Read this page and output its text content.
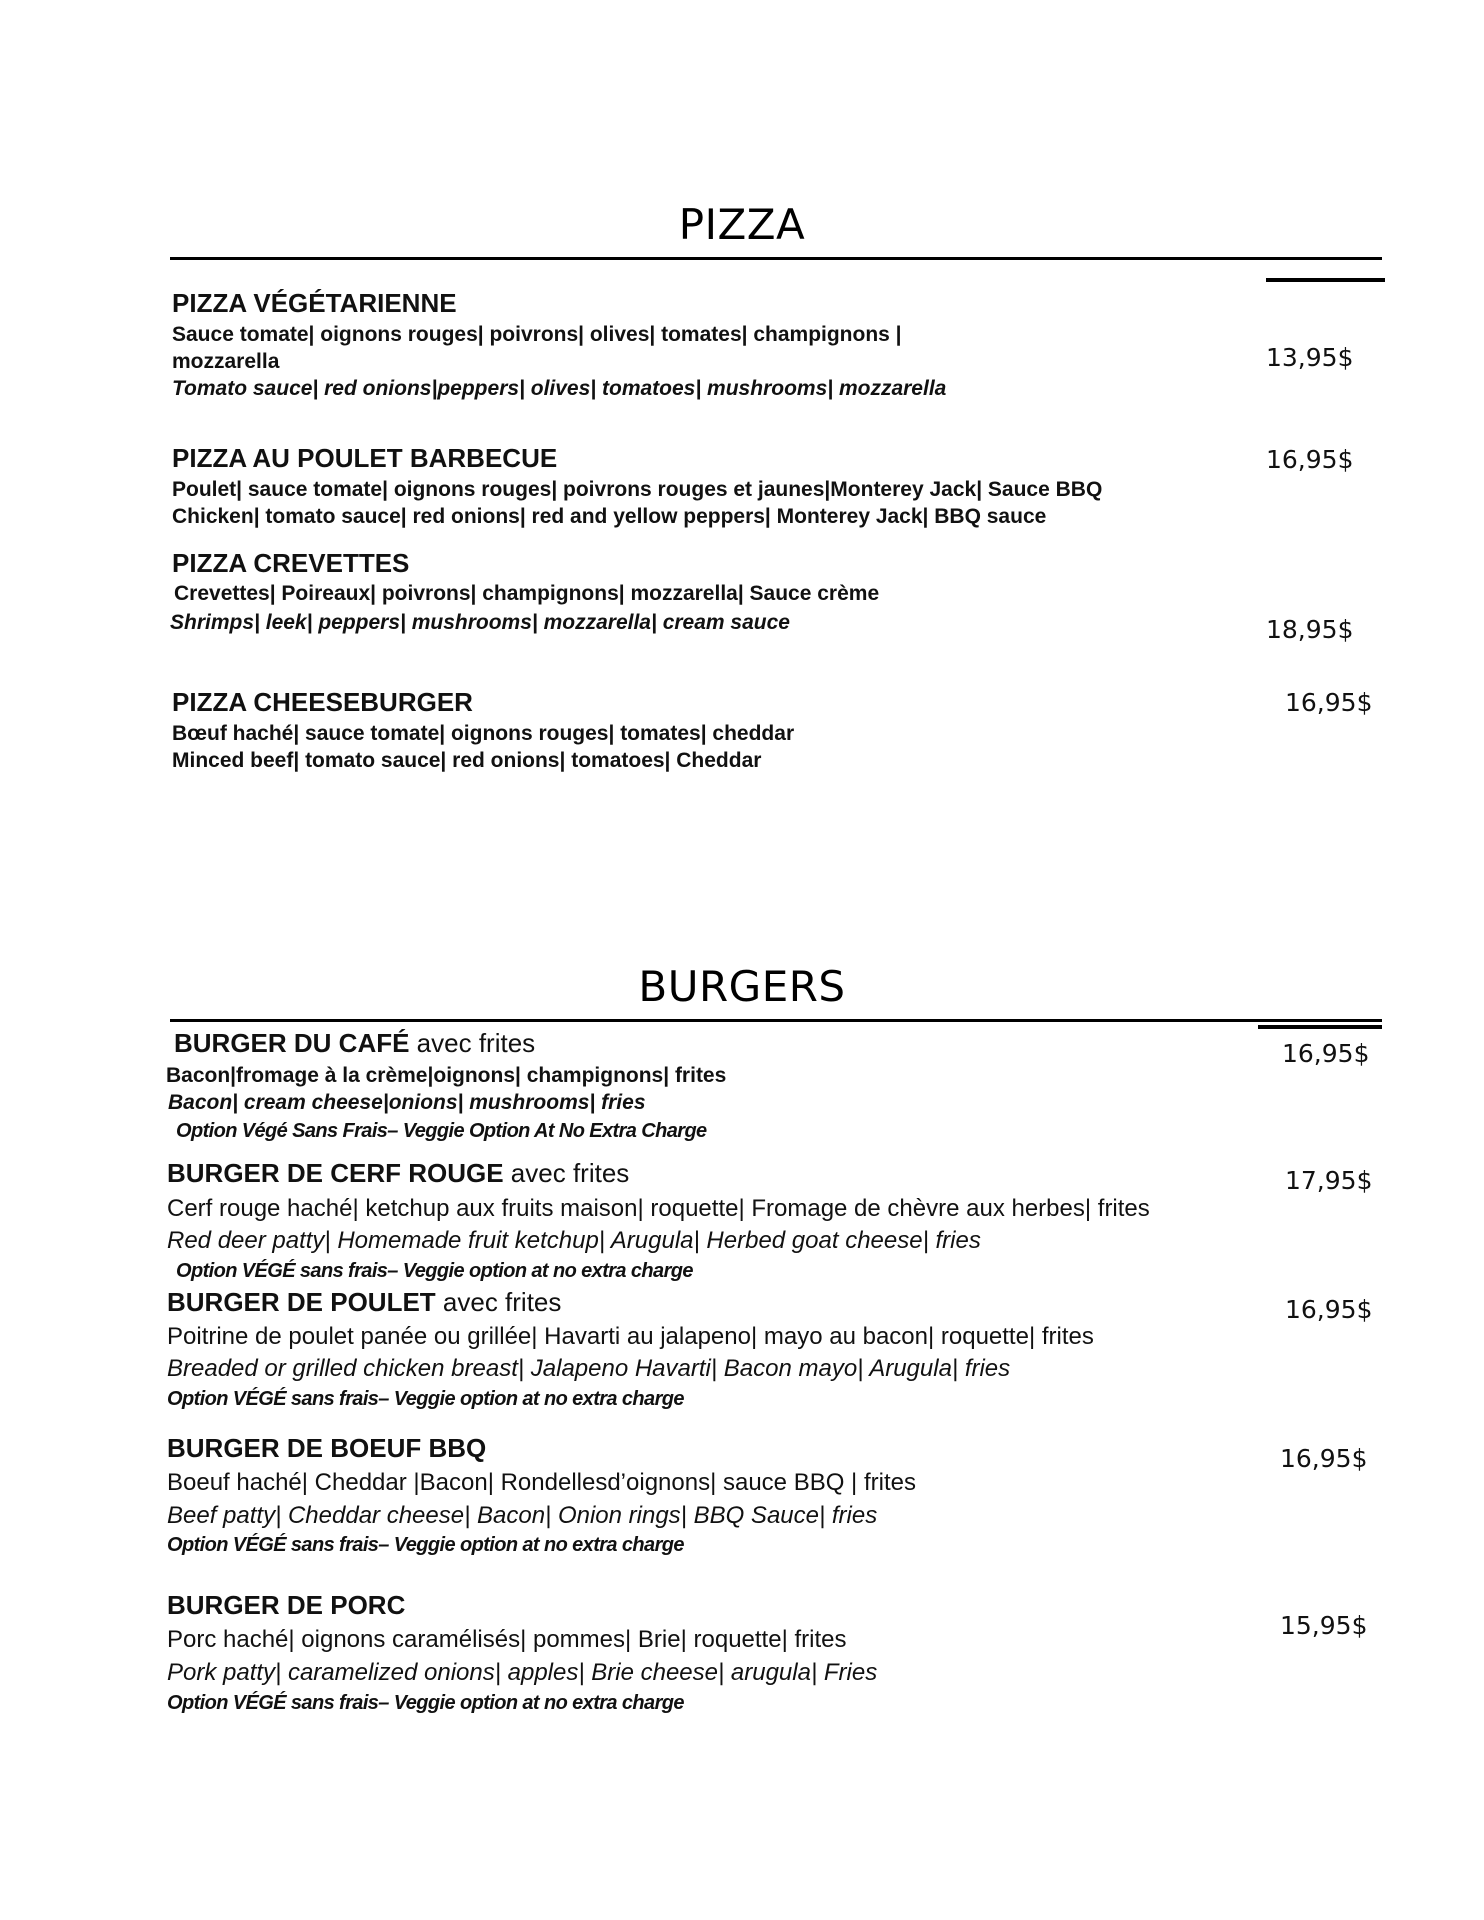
PIZZA
PIZZA VÉGÉTARIENNE
Sauce tomate| oignons rouges| poivrons| olives| tomates| champignons |
mozzarella
Tomato sauce| red onions|peppers| olives| tomatoes| mushrooms| mozzarella
13,95$
PIZZA AU POULET BARBECUE
Poulet| sauce tomate| oignons rouges| poivrons rouges et jaunes|Monterey Jack| Sauce BBQ
Chicken| tomato sauce| red onions| red and yellow peppers| Monterey Jack| BBQ sauce
16,95$
PIZZA CREVETTES
Crevettes| Poireaux| poivrons| champignons| mozzarella| Sauce crème
Shrimps| leek| peppers| mushrooms| mozzarella| cream sauce	18,95$
PIZZA CHEESEBURGER
Bœuf haché| sauce tomate| oignons rouges| tomates| cheddar
Minced beef| tomato sauce| red onions| tomatoes| Cheddar
16,95$
BURGERS
BURGER DU CAFÉ avec frites
Bacon|fromage à la crème|oignons| champignons| frites
Bacon| cream cheese|onions| mushrooms| fries
Option Végé Sans Frais– Veggie Option At No Extra Charge
16,95$
BURGER DE CERF ROUGE avec frites
Cerf rouge haché| ketchup aux fruits maison| roquette| Fromage de chèvre aux herbes| frites
Red deer patty| Homemade fruit ketchup| Arugula| Herbed goat cheese| fries
Option VÉGÉ sans frais– Veggie option at no extra charge
17,95$
BURGER DE POULET avec frites
Poitrine de poulet panée ou grillée| Havarti au jalapeno| mayo au bacon| roquette| frites
Breaded or grilled chicken breast| Jalapeno Havarti| Bacon mayo| Arugula| fries
Option VÉGÉ sans frais– Veggie option at no extra charge
16,95$
BURGER DE BOEUF BBQ
Boeuf haché| Cheddar |Bacon| Rondellesd’oignons| sauce BBQ | frites
Beef patty| Cheddar cheese| Bacon| Onion rings| BBQ Sauce| fries
Option VÉGÉ sans frais– Veggie option at no extra charge
16,95$
BURGER DE PORC
Porc haché| oignons caramélisés| pommes| Brie| roquette| frites
Pork patty| caramelized onions| apples| Brie cheese| arugula| Fries
Option VÉGÉ sans frais– Veggie option at no extra charge
15,95$
